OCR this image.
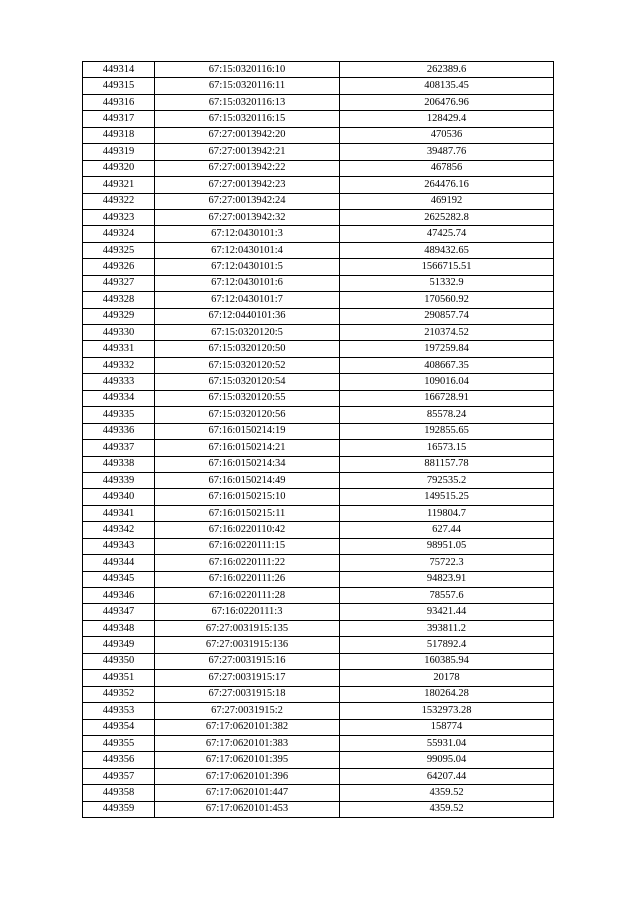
449314	67:15:0320116:10	262389.6
449315	67:15:0320116:11	408135.45
449316	67:15:0320116:13	206476.96
449317	67:15:0320116:15	128429.4
449318	67:27:0013942:20	470536
449319	67:27:0013942:21	39487.76
449320	67:27:0013942:22	467856
449321	67:27:0013942:23	264476.16
449322	67:27:0013942:24	469192
449323	67:27:0013942:32	2625282.8
449324	67:12:0430101:3	47425.74
449325	67:12:0430101:4	489432.65
449326	67:12:0430101:5	1566715.51
449327	67:12:0430101:6	51332.9
449328	67:12:0430101:7	170560.92
449329	67:12:0440101:36	290857.74
449330	67:15:0320120:5	210374.52
449331	67:15:0320120:50	197259.84
449332	67:15:0320120:52	408667.35
449333	67:15:0320120:54	109016.04
449334	67:15:0320120:55	166728.91
449335	67:15:0320120:56	85578.24
449336	67:16:0150214:19	192855.65
449337	67:16:0150214:21	16573.15
449338	67:16:0150214:34	881157.78
449339	67:16:0150214:49	792535.2
449340	67:16:0150215:10	149515.25
449341	67:16:0150215:11	119804.7
449342	67:16:0220110:42	627.44
449343	67:16:0220111:15	98951.05
449344	67:16:0220111:22	75722.3
449345	67:16:0220111:26	94823.91
449346	67:16:0220111:28	78557.6
449347	67:16:0220111:3	93421.44
449348	67:27:0031915:135	393811.2
449349	67:27:0031915:136	517892.4
449350	67:27:0031915:16	160385.94
449351	67:27:0031915:17	20178
449352	67:27:0031915:18	180264.28
449353	67:27:0031915:2	1532973.28
449354	67:17:0620101:382	158774
449355	67:17:0620101:383	55931.04
449356	67:17:0620101:395	99095.04
449357	67:17:0620101:396	64207.44
449358	67:17:0620101:447	4359.52
449359	67:17:0620101:453	4359.52
